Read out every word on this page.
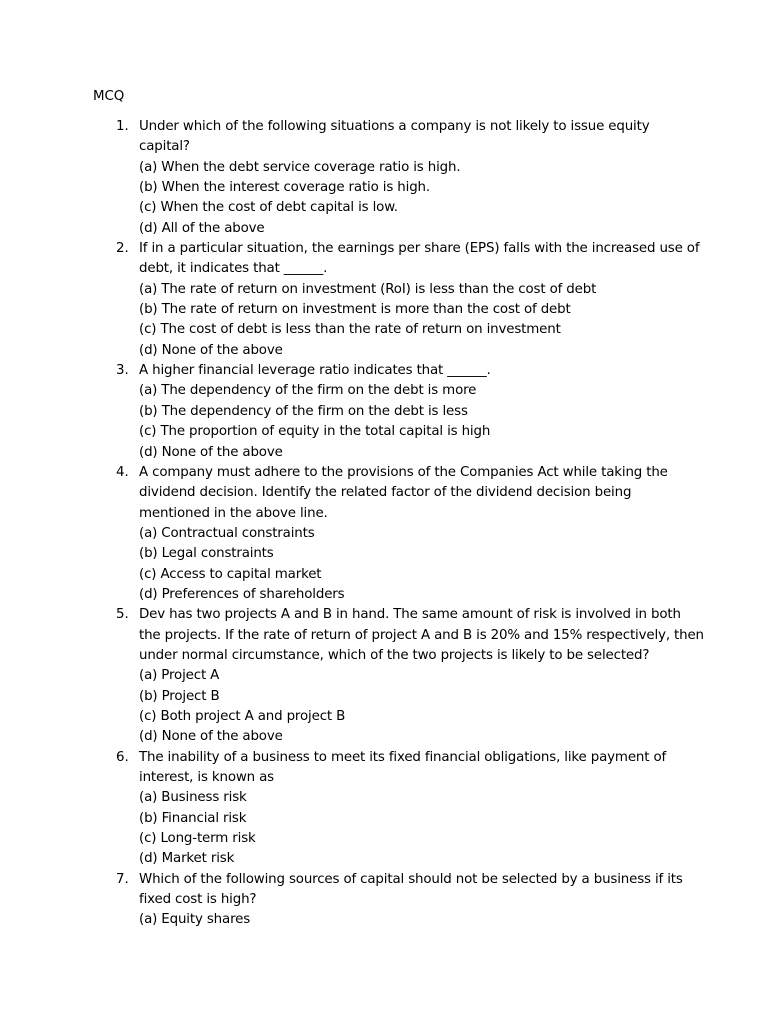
MCQ
1. Under which of the following situations a company is not likely to issue equity
capital?
(a) When the debt service coverage ratio is high.
(b) When the interest coverage ratio is high.
(c) When the cost of debt capital is low.
(d) All of the above
2. If in a particular situation, the earnings per share (EPS) falls with the increased use of
debt, it indicates that ______.
(a) The rate of return on investment (RoI) is less than the cost of debt
(b) The rate of return on investment is more than the cost of debt
(c) The cost of debt is less than the rate of return on investment
(d) None of the above
3. A higher financial leverage ratio indicates that ______.
(a) The dependency of the firm on the debt is more
(b) The dependency of the firm on the debt is less
(c) The proportion of equity in the total capital is high
(d) None of the above
4. A company must adhere to the provisions of the Companies Act while taking the
dividend decision. Identify the related factor of the dividend decision being
mentioned in the above line.
(a) Contractual constraints
(b) Legal constraints
(c) Access to capital market
(d) Preferences of shareholders
5. Dev has two projects A and B in hand. The same amount of risk is involved in both
the projects. If the rate of return of project A and B is 20% and 15% respectively, then
under normal circumstance, which of the two projects is likely to be selected?
(a) Project A
(b) Project B
(c) Both project A and project B
(d) None of the above
6. The inability of a business to meet its fixed financial obligations, like payment of
interest, is known as
(a) Business risk
(b) Financial risk
(c) Long-term risk
(d) Market risk
7. Which of the following sources of capital should not be selected by a business if its
fixed cost is high?
(a) Equity shares
